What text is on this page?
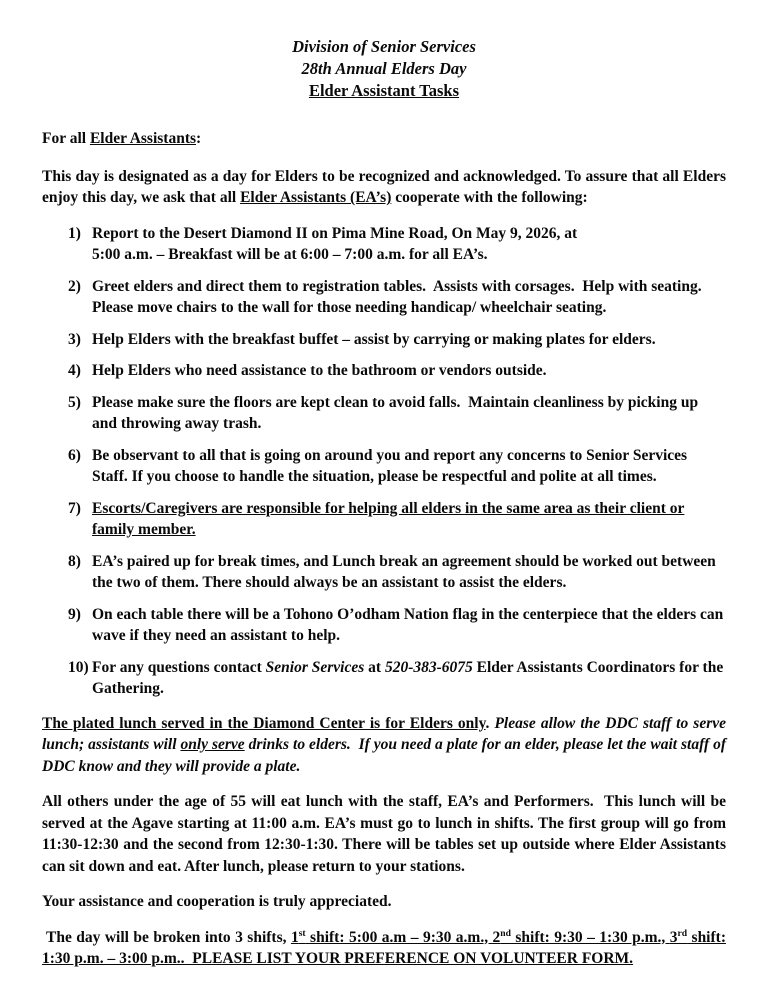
Division of Senior Services
28th Annual Elders Day
Elder Assistant Tasks

For all Elder Assistants:

This day is designated as a day for Elders to be recognized and acknowledged. To assure that all Elders enjoy this day, we ask that all Elder Assistants (EA’s) cooperate with the following:

1) Report to the Desert Diamond II on Pima Mine Road, On May 9, 2026, at
5:00 a.m. – Breakfast will be at 6:00 – 7:00 a.m. for all EA’s.
2) Greet elders and direct them to registration tables.  Assists with corsages.  Help with seating. Please move chairs to the wall for those needing handicap/ wheelchair seating.
3) Help Elders with the breakfast buffet – assist by carrying or making plates for elders.
4) Help Elders who need assistance to the bathroom or vendors outside.
5) Please make sure the floors are kept clean to avoid falls.  Maintain cleanliness by picking up and throwing away trash.
6) Be observant to all that is going on around you and report any concerns to Senior Services Staff. If you choose to handle the situation, please be respectful and polite at all times.
7) Escorts/Caregivers are responsible for helping all elders in the same area as their client or family member.
8) EA’s paired up for break times, and Lunch break an agreement should be worked out between the two of them. There should always be an assistant to assist the elders.
9) On each table there will be a Tohono O’odham Nation flag in the centerpiece that the elders can wave if they need an assistant to help.
10) For any questions contact Senior Services at 520-383-6075 Elder Assistants Coordinators for the Gathering.

The plated lunch served in the Diamond Center is for Elders only. Please allow the DDC staff to serve lunch; assistants will only serve drinks to elders.  If you need a plate for an elder, please let the wait staff of DDC know and they will provide a plate.

All others under the age of 55 will eat lunch with the staff, EA’s and Performers.  This lunch will be served at the Agave starting at 11:00 a.m. EA’s must go to lunch in shifts. The first group will go from 11:30-12:30 and the second from 12:30-1:30. There will be tables set up outside where Elder Assistants can sit down and eat. After lunch, please return to your stations.

Your assistance and cooperation is truly appreciated.

The day will be broken into 3 shifts, 1st shift: 5:00 a.m – 9:30 a.m., 2nd shift: 9:30 – 1:30 p.m., 3rd shift: 1:30 p.m. – 3:00 p.m..  PLEASE LIST YOUR PREFERENCE ON VOLUNTEER FORM.
